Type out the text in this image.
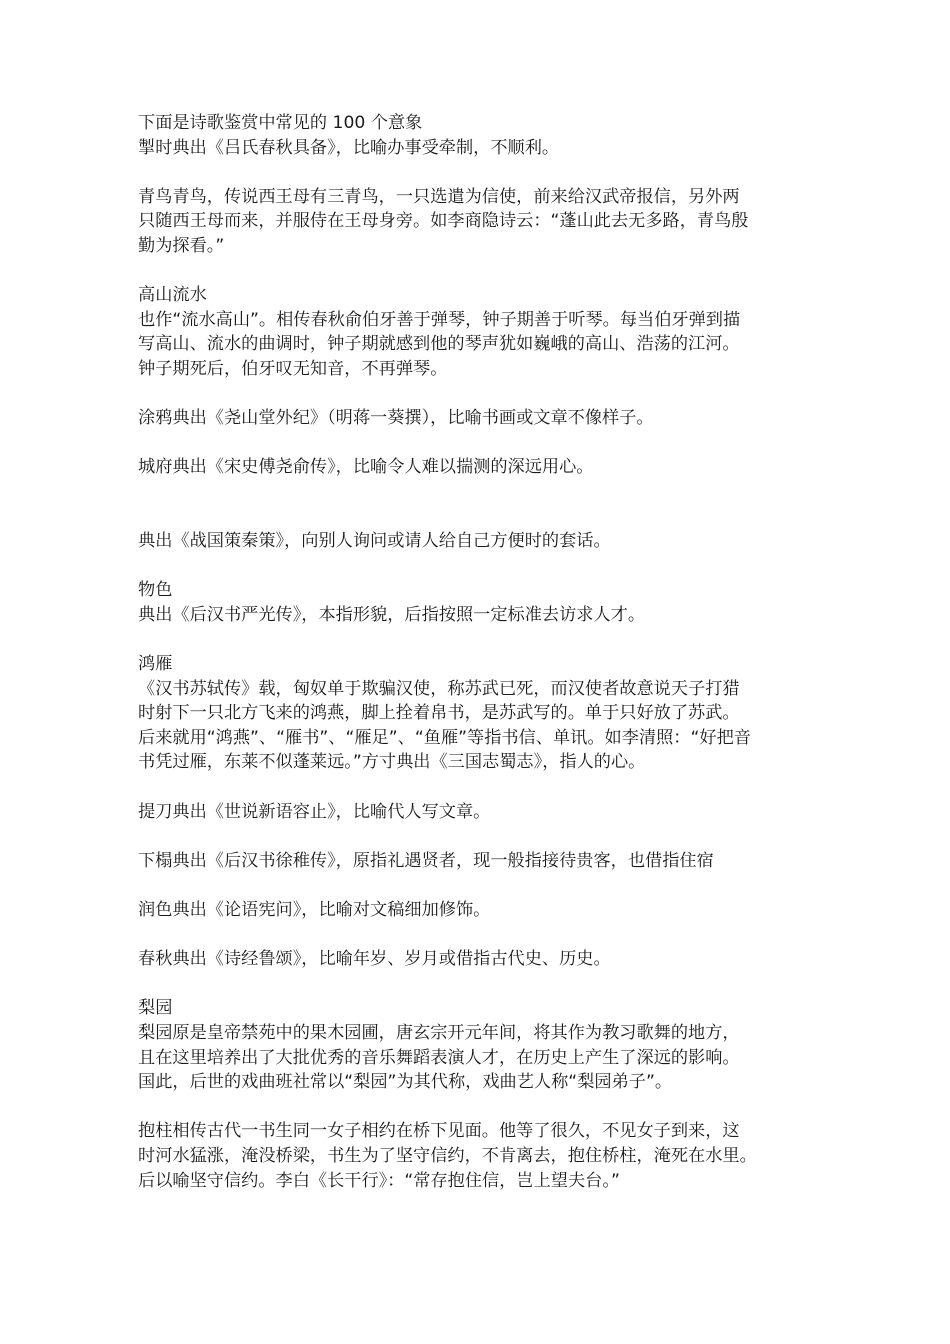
下面是诗歌鉴赏中常见的 100 个意象
掣时典出《吕氏春秋具备》，比喻办事受牵制，不顺利。
青鸟青鸟，传说西王母有三青鸟，一只选遣为信使，前来给汉武帝报信，另外两
只随西王母而来，并服侍在王母身旁。如李商隐诗云：“蓬山此去无多路，青鸟殷
勤为探看。”
高山流水
也作“流水高山”。相传春秋俞伯牙善于弹琴，钟子期善于听琴。每当伯牙弹到描
写高山、流水的曲调时，钟子期就感到他的琴声犹如巍峨的高山、浩荡的江河。
钟子期死后，伯牙叹无知音，不再弹琴。
涂鸦典出《尧山堂外纪》（明蒋一葵撰），比喻书画或文章不像样子。
城府典出《宋史傅尧俞传》，比喻令人难以揣测的深远用心。
典出《战国策秦策》，向别人询问或请人给自己方便时的套话。
物色
典出《后汉书严光传》，本指形貌，后指按照一定标准去访求人才。
鸿雁
《汉书苏轼传》载，匈奴单于欺骗汉使，称苏武已死，而汉使者故意说天子打猎
时射下一只北方飞来的鸿燕，脚上拴着帛书，是苏武写的。单于只好放了苏武。
后来就用“鸿燕”、“雁书”、“雁足”、“鱼雁”等指书信、单讯。如李清照：“好把音
书凭过雁，东莱不似蓬莱远。”方寸典出《三国志蜀志》，指人的心。
提刀典出《世说新语容止》，比喻代人写文章。
下榻典出《后汉书徐稚传》，原指礼遇贤者，现一般指接待贵客，也借指住宿
润色典出《论语宪问》，比喻对文稿细加修饰。
春秋典出《诗经鲁颂》，比喻年岁、岁月或借指古代史、历史。
梨园
梨园原是皇帝禁苑中的果木园圃，唐玄宗开元年间，将其作为教习歌舞的地方，
且在这里培养出了大批优秀的音乐舞蹈表演人才，在历史上产生了深远的影响。
国此，后世的戏曲班社常以“梨园”为其代称，戏曲艺人称“梨园弟子”。
抱柱相传古代一书生同一女子相约在桥下见面。他等了很久，不见女子到来，这
时河水猛涨，淹没桥梁，书生为了坚守信约，不肯离去，抱住桥柱，淹死在水里。
后以喻坚守信约。李白《长干行》：“常存抱住信，岂上望夫台。”
